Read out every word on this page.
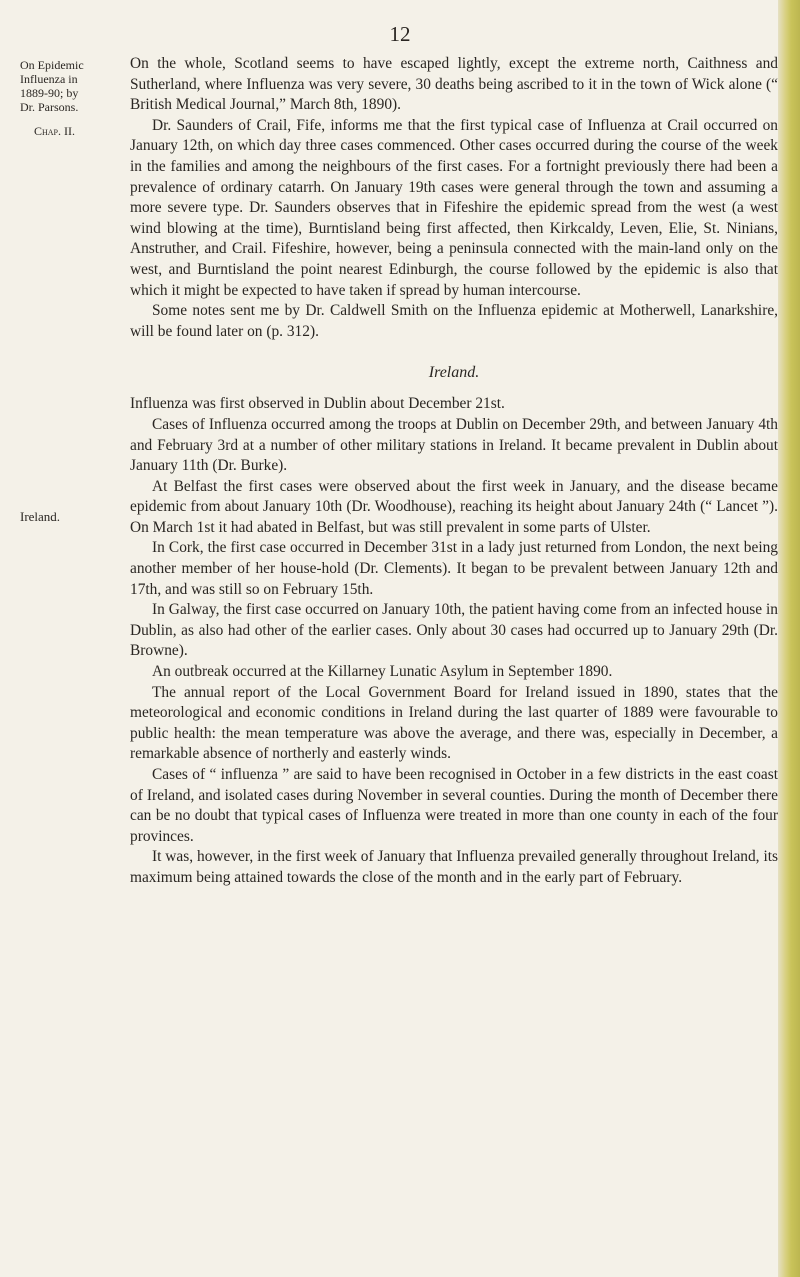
12
On Epidemic
Influenza in
1889-90; by
Dr. Parsons.
Chap. II.
Ireland.

On the whole, Scotland seems to have escaped lightly, except the extreme north, Caithness and Sutherland, where Influenza was very severe, 30 deaths being ascribed to it in the town of Wick alone (“ British Medical Journal,” March 8th, 1890).

Dr. Saunders of Crail, Fife, informs me that the first typical case of Influenza at Crail occurred on January 12th, on which day three cases commenced. Other cases occurred during the course of the week in the families and among the neighbours of the first cases. For a fortnight previously there had been a prevalence of ordinary catarrh. On January 19th cases were general through the town and assuming a more severe type. Dr. Saunders observes that in Fifeshire the epidemic spread from the west (a west wind blowing at the time), Burntisland being first affected, then Kirkcaldy, Leven, Elie, St. Ninians, Anstruther, and Crail. Fifeshire, however, being a peninsula connected with the main-land only on the west, and Burntisland the point nearest Edinburgh, the course followed by the epidemic is also that which it might be expected to have taken if spread by human intercourse.

Some notes sent me by Dr. Caldwell Smith on the Influenza epidemic at Motherwell, Lanarkshire, will be found later on (p. 312).

Ireland.

Influenza was first observed in Dublin about December 21st.

Cases of Influenza occurred among the troops at Dublin on December 29th, and between January 4th and February 3rd at a number of other military stations in Ireland. It became prevalent in Dublin about January 11th (Dr. Burke).

At Belfast the first cases were observed about the first week in January, and the disease became epidemic from about January 10th (Dr. Woodhouse), reaching its height about January 24th (“ Lancet ”). On March 1st it had abated in Belfast, but was still prevalent in some parts of Ulster.

In Cork, the first case occurred in December 31st in a lady just returned from London, the next being another member of her house-hold (Dr. Clements). It began to be prevalent between January 12th and 17th, and was still so on February 15th.

In Galway, the first case occurred on January 10th, the patient having come from an infected house in Dublin, as also had other of the earlier cases. Only about 30 cases had occurred up to January 29th (Dr. Browne).

An outbreak occurred at the Killarney Lunatic Asylum in September 1890.

The annual report of the Local Government Board for Ireland issued in 1890, states that the meteorological and economic conditions in Ireland during the last quarter of 1889 were favourable to public health: the mean temperature was above the average, and there was, especially in December, a remarkable absence of northerly and easterly winds.

Cases of “ influenza ” are said to have been recognised in October in a few districts in the east coast of Ireland, and isolated cases during November in several counties. During the month of December there can be no doubt that typical cases of Influenza were treated in more than one county in each of the four provinces.

It was, however, in the first week of January that Influenza prevailed generally throughout Ireland, its maximum being attained towards the close of the month and in the early part of February.
